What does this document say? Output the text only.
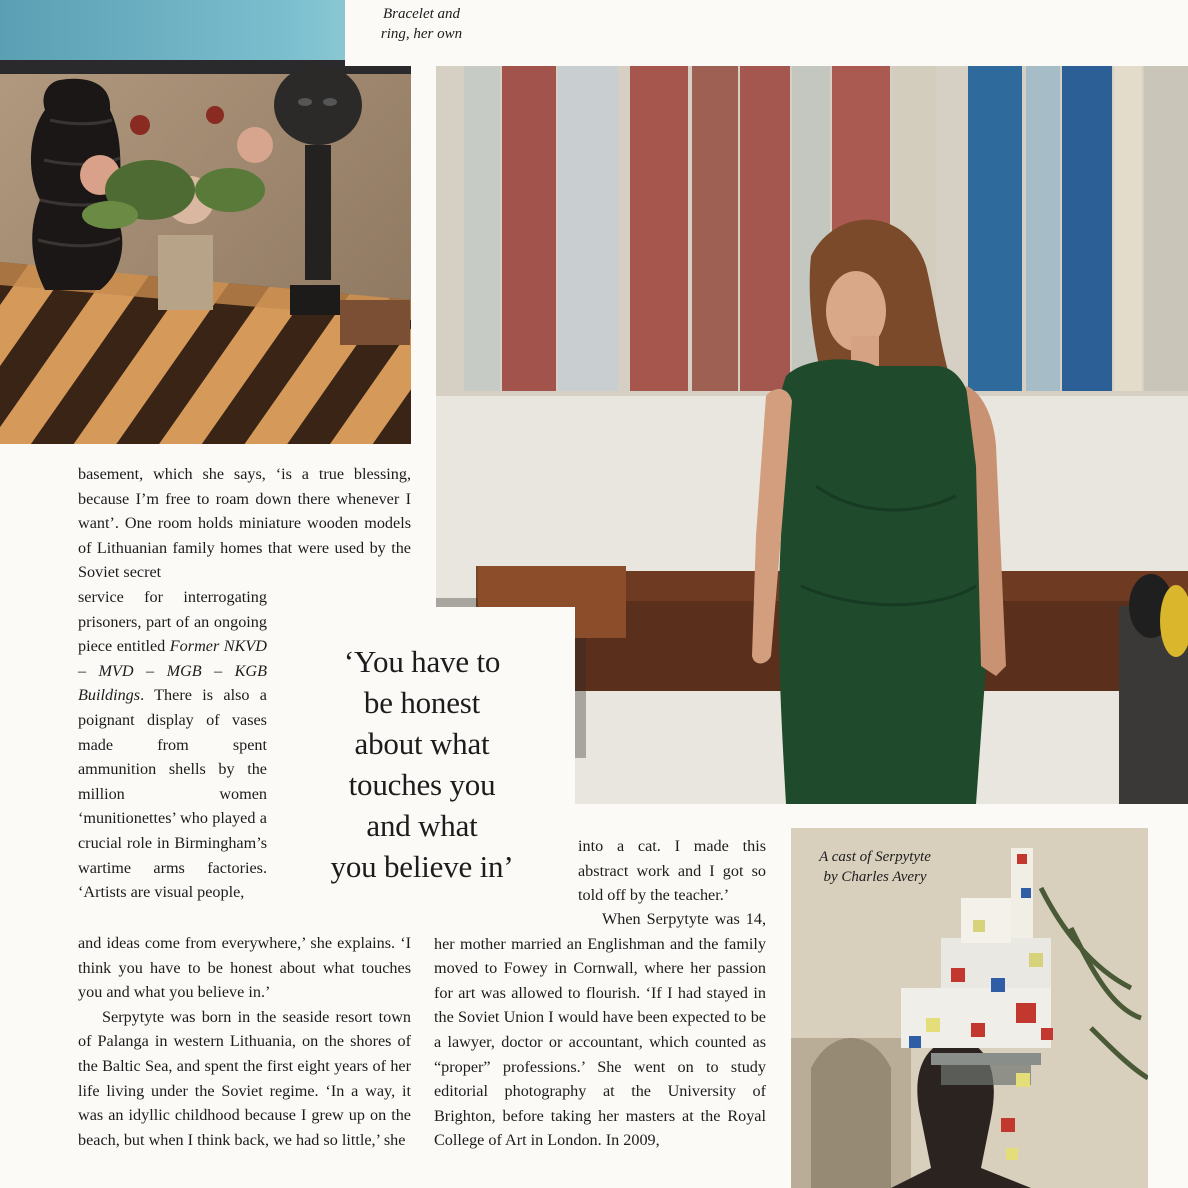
Bracelet and
ring, her own
‘You have to
be honest
about what
touches you
and what
you believe in’

basement, which she says, ‘is a true blessing, because I’m free to roam down there whenever I want’. One room holds miniature wooden models of Lithuanian family homes that were used by the Soviet secret

service for interrogating prisoners, part of an ongoing piece entitled Former NKVD – MVD – MGB – KGB Buildings. There is also a poignant display of vases made from spent ammunition shells by the million women ‘munitionettes’ who played a crucial role in Birmingham’s wartime arms factories. ‘Artists are visual people,

and ideas come from everywhere,’ she explains. ‘I think you have to be honest about what touches you and what you believe in.’

Serpytyte was born in the seaside resort town of Palanga in western Lithuania, on the shores of the Baltic Sea, and spent the first eight years of her life living under the Soviet regime. ‘In a way, it was an idyllic childhood because I grew up on the beach, but when I think back, we had so little,’ she

into a cat. I made this abstract work and I got so told off by the teacher.’

When Serpytyte was 14, her mother married an Englishman and the family moved to Fowey in Cornwall, where her passion for art was allowed to flourish. ‘If I had stayed in the Soviet Union I would have been expected to be a lawyer, doctor or accountant, which counted as “proper” professions.’ She went on to study editorial photography at the University of Brighton, before taking her masters at the Royal College of Art in London. In 2009,

A cast of Serpytyte
by Charles Avery
